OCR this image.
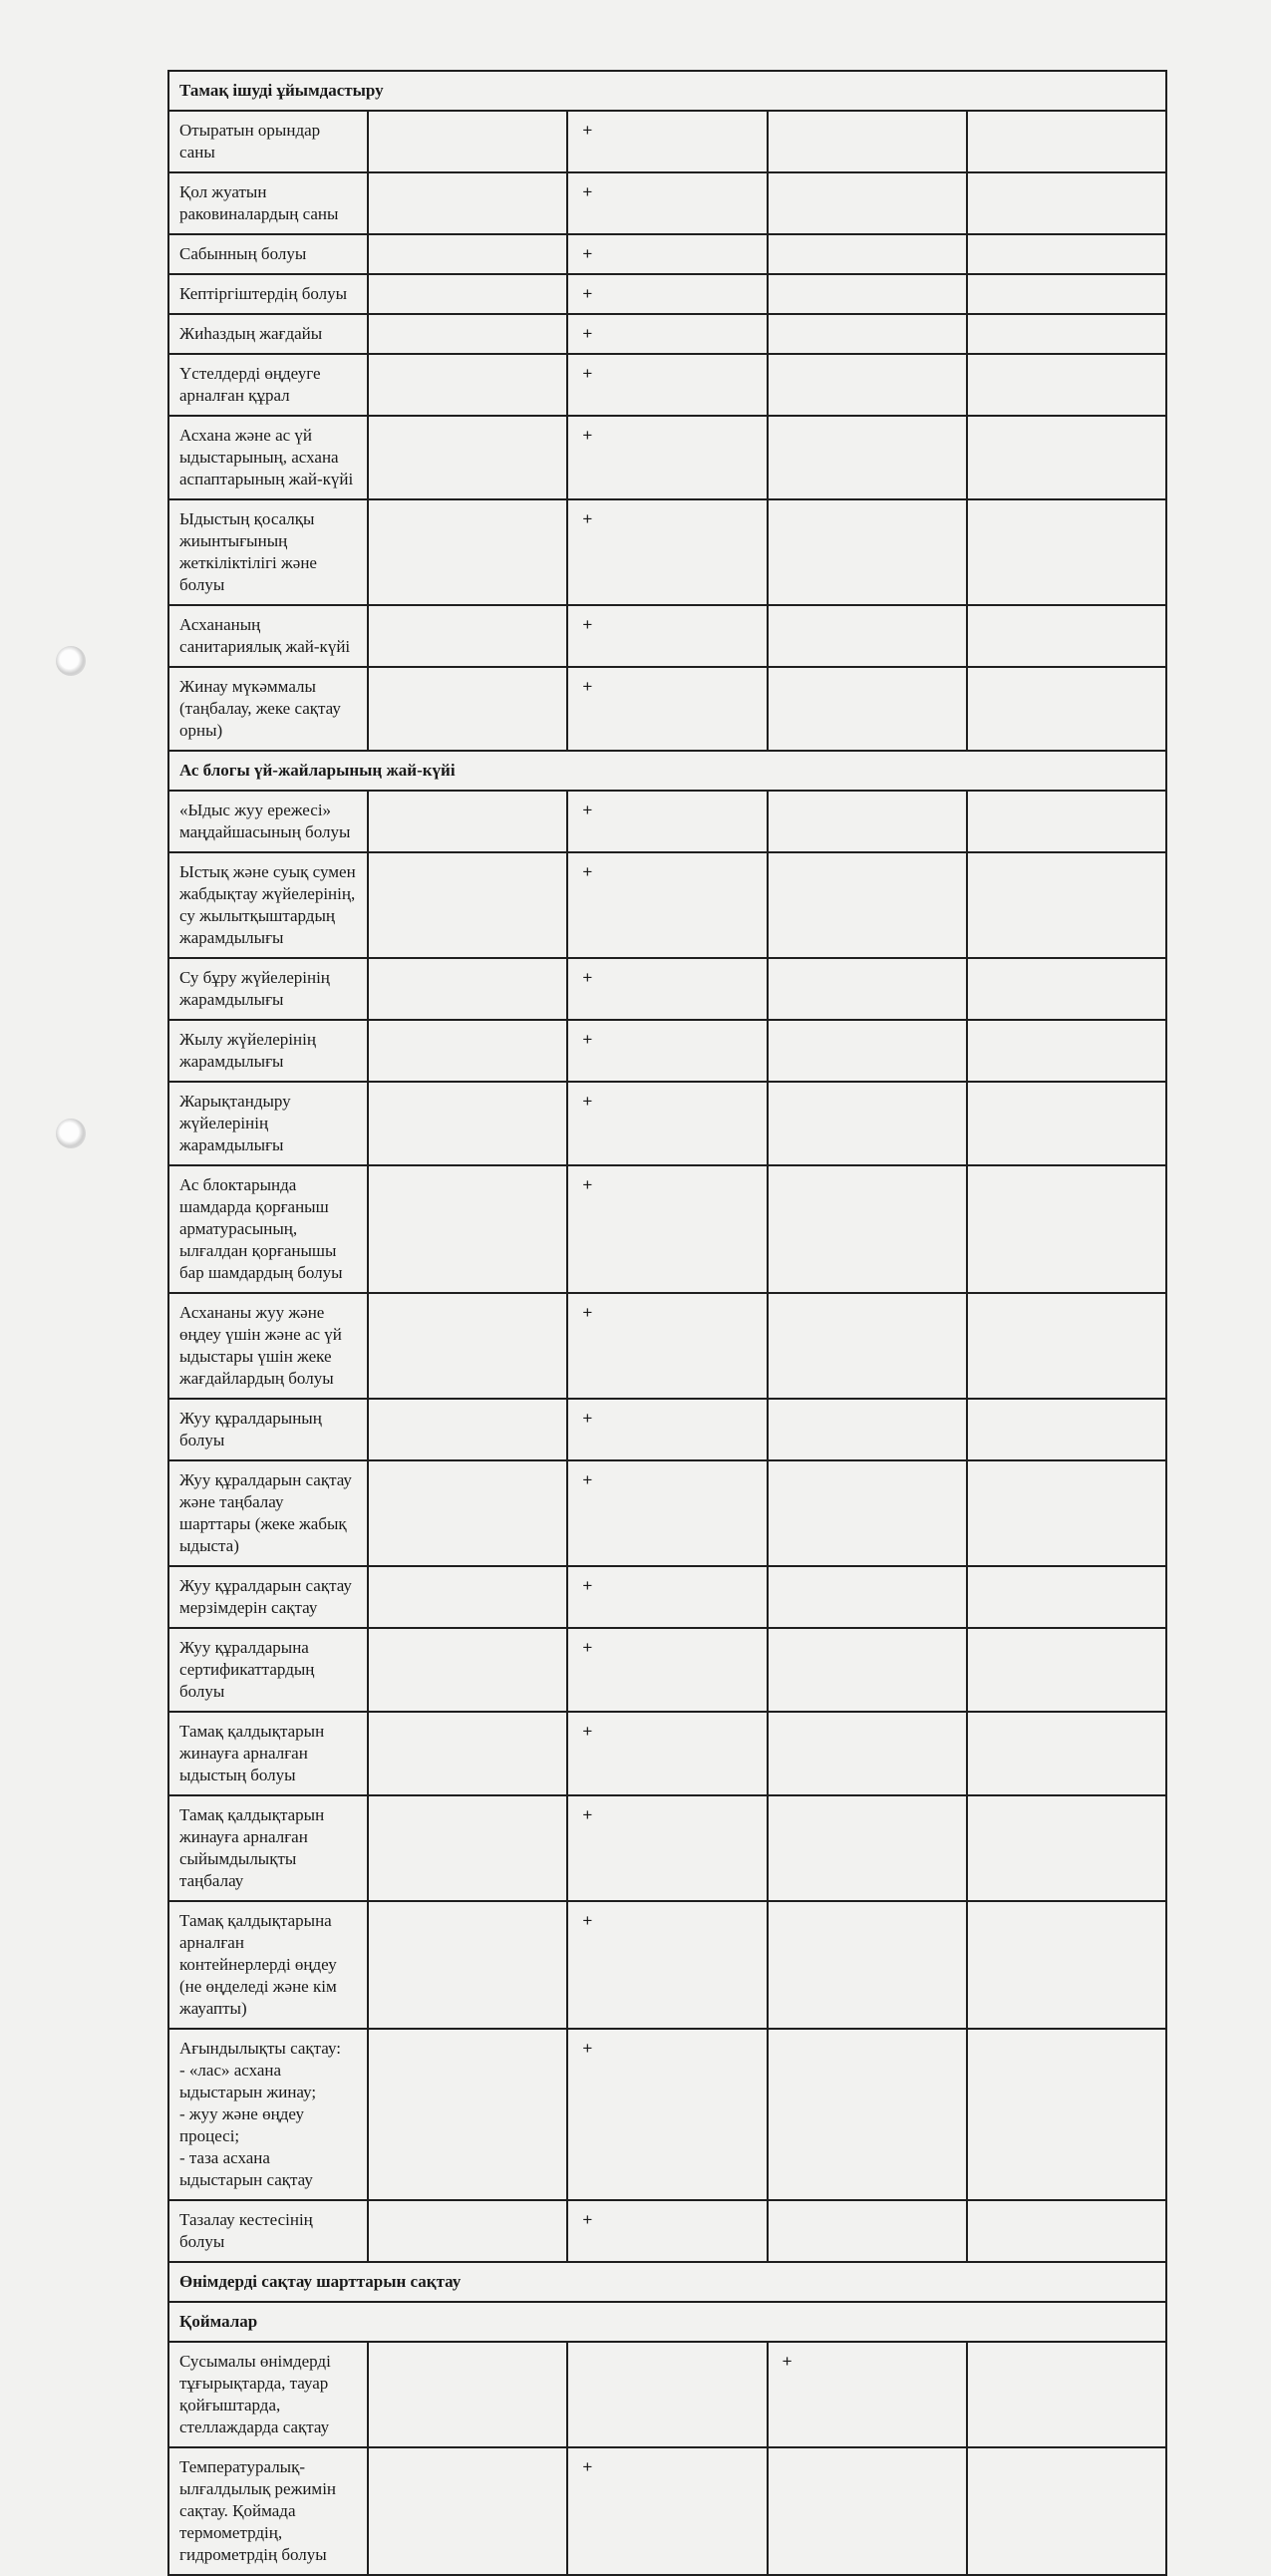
Тамақ ішуді ұйымдастыру				

Отыратын орындар саны		+		

Қол жуатын раковиналардың саны		+		

Сабынның болуы		+		

Кептіргіштердің болуы		+		

Жиһаздың жағдайы		+		

Үстелдерді өңдеуге арналған құрал		+		

Асхана және ас үй ыдыстарының, асхана аспаптарының жай-күйі		+		

Ыдыстың қосалқы жиынтығының жеткіліктілігі және болуы		+		

Асхананың санитариялық жай-күйі		+		

Жинау мүкәммалы (таңбалау, жеке сақтау орны)		+		
Ас блогы үй-жайларының жай-күйі				

«Ыдыс жуу ережесі» маңдайшасының болуы		+		

Ыстық және суық сумен жабдықтау жүйелерінің, су жылытқыштардың жарамдылығы		+		

Су бұру жүйелерінің жарамдылығы		+		

Жылу жүйелерінің жарамдылығы		+		

Жарықтандыру жүйелерінің жарамдылығы		+		

Ас блоктарында шамдарда қорғаныш арматурасының, ылғалдан қорғанышы бар шамдардың болуы		+		

Асхананы жуу және өңдеу үшін және ас үй ыдыстары үшін жеке жағдайлардың болуы		+		

Жуу құралдарының болуы		+		

Жуу құралдарын сақтау және таңбалау шарттары (жеке жабық ыдыста)		+		

Жуу құралдарын сақтау мерзімдерін сақтау		+		

Жуу құралдарына сертификаттардың болуы		+		

Тамақ қалдықтарын жинауға арналған ыдыстың болуы		+		

Тамақ қалдықтарын жинауға арналған сыйымдылықты таңбалау		+		

Тамақ қалдықтарына арналған контейнерлерді өңдеу (не өңделеді және кім жауапты)		+		

Ағындылықты сақтау:
- «лас» асхана ыдыстарын жинау;
- жуу және өңдеу процесі;
- таза асхана ыдыстарын сақтау		+		

Тазалау кестесінің болуы		+		
Өнімдерді сақтау шарттарын сақтау				
Қоймалар				

Сусымалы өнімдерді тұғырықтарда, тауар қойғыштарда, стеллаждарда сақтау			+	

Температуралық-ылғалдылық режимін сақтау. Қоймада термометрдің, гидрометрдің болуы		+		
